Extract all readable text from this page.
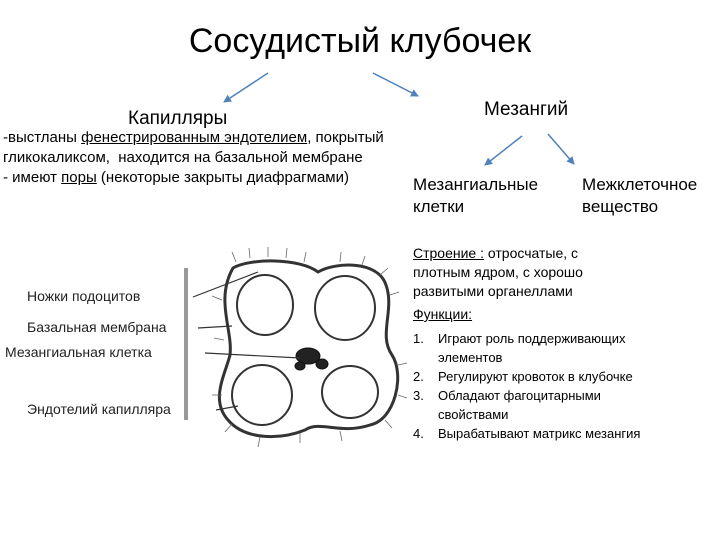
Сосудистый клубочек
Капилляры	Мезангий
-выстланы фенестрированным эндотелием, покрытый
гликокаликсом,  находится на базальной мембране
- имеют поры (некоторые закрыты диафрагмами)	Мезангиальные
клетки
Межклеточное
вещество
Строение : отросчатые, с плотным ядром, с хорошо развитыми органеллами
Функции:
1. Играют роль поддерживающих элементов
2. Регулируют кровоток в клубочке
3. Обладают фагоцитарными свойствами
4. Вырабатывают матрикс мезангия
Ножки подоцитов
Базальная мембрана
Мезангиальная клетка
Эндотелий капилляра
